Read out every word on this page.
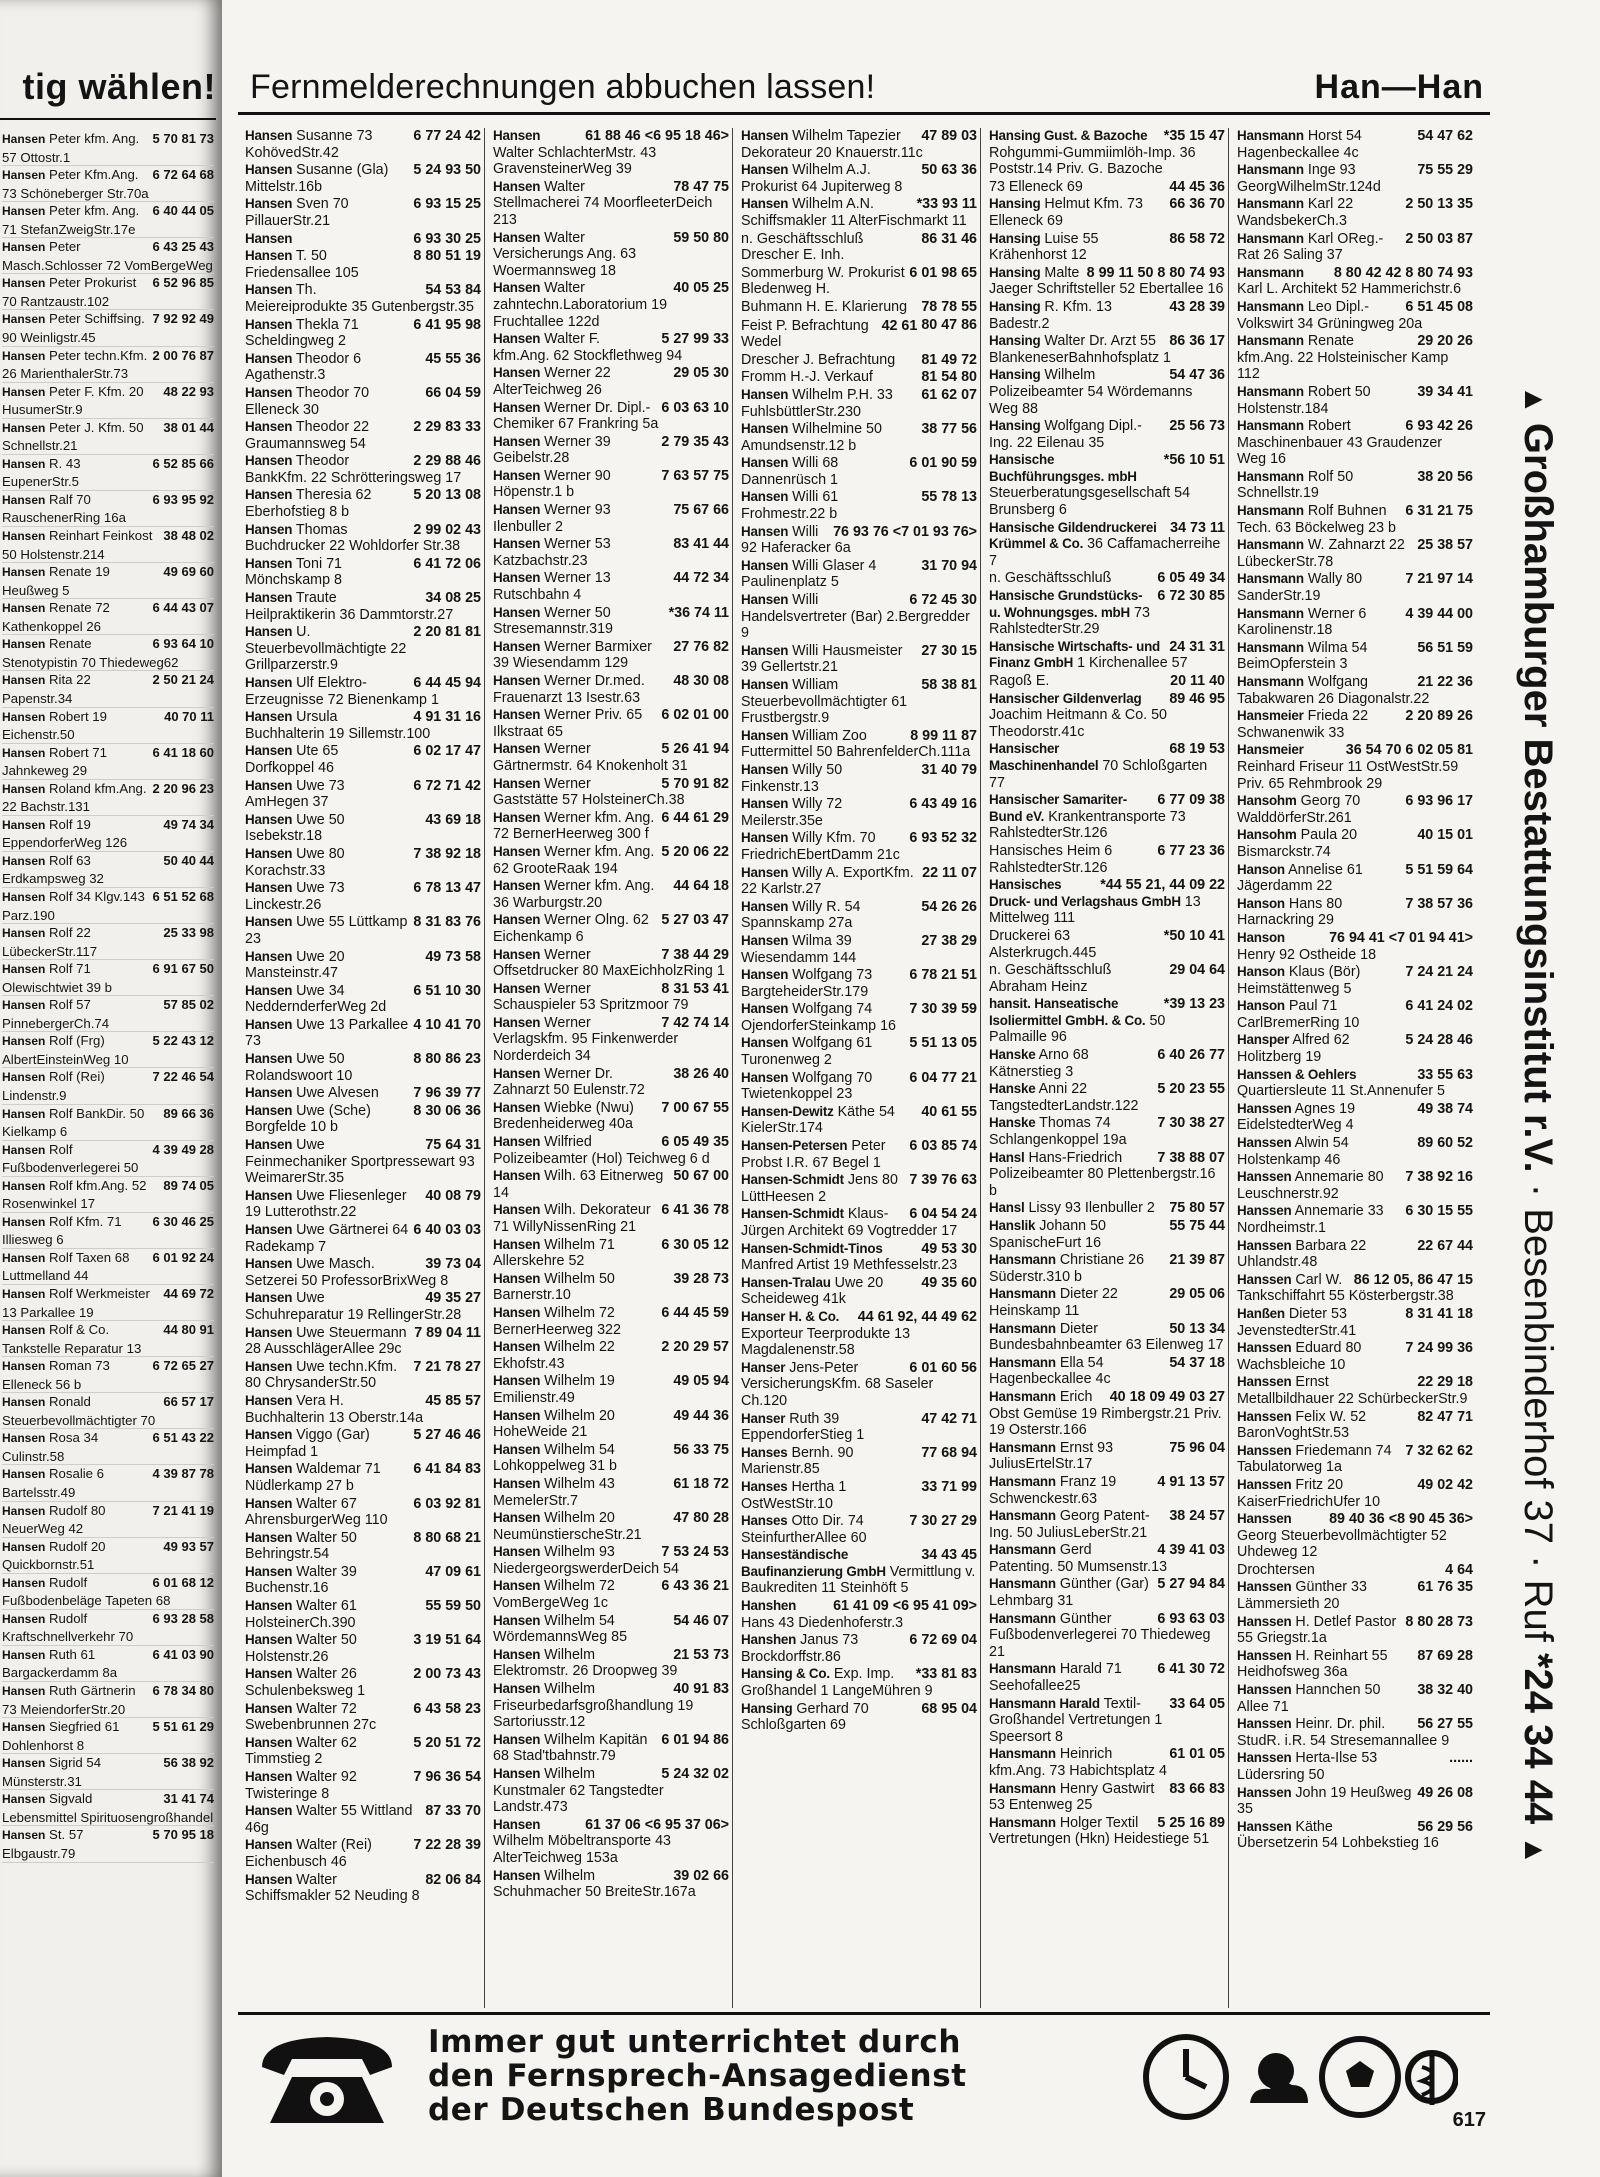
tig wählen!
5 70 81 73
Hansen Peter kfm. Ang. 57 Ottostr.1
6 72 64 68
Hansen Peter Kfm.Ang. 73 Schöneberger Str.70a
6 40 44 05
Hansen Peter kfm. Ang. 71 StefanZweigStr.17e
6 43 25 43
Hansen Peter Masch.Schlosser 72 VomBergeWeg
6 52 96 85
Hansen Peter Prokurist 70 Rantzaustr.102
7 92 92 49
Hansen Peter Schiffsing. 90 Weinligstr.45
2 00 76 87
Hansen Peter techn.Kfm. 26 MarienthalerStr.73
48 22 93
Hansen Peter F. Kfm. 20 HusumerStr.9
38 01 44
Hansen Peter J. Kfm. 50 Schnellstr.21
6 52 85 66
Hansen R. 43 EupenerStr.5
6 93 95 92
Hansen Ralf 70 RauschenerRing 16a
38 48 02
Hansen Reinhart Feinkost 50 Holstenstr.214
49 69 60
Hansen Renate 19 Heußweg 5
6 44 43 07
Hansen Renate 72 Kathenkoppel 26
6 93 64 10
Hansen Renate Stenotypistin 70 Thiedeweg62
2 50 21 24
Hansen Rita 22 Papenstr.34
40 70 11
Hansen Robert 19 Eichenstr.50
6 41 18 60
Hansen Robert 71 Jahnkeweg 29
2 20 96 23
Hansen Roland kfm.Ang. 22 Bachstr.131
49 74 34
Hansen Rolf 19 EppendorferWeg 126
50 40 44
Hansen Rolf 63 Erdkampsweg 32
6 51 52 68
Hansen Rolf 34 Klgv.143 Parz.190
25 33 98
Hansen Rolf 22 LübeckerStr.117
6 91 67 50
Hansen Rolf 71 Olewischtwiet 39 b
57 85 02
Hansen Rolf 57 PinnebergerCh.74
5 22 43 12
Hansen Rolf (Frg) AlbertEinsteinWeg 10
7 22 46 54
Hansen Rolf (Rei) Lindenstr.9
89 66 36
Hansen Rolf BankDir. 50 Kielkamp 6
4 39 49 28
Hansen Rolf Fußbodenverlegerei 50
89 74 05
Hansen Rolf kfm.Ang. 52 Rosenwinkel 17
6 30 46 25
Hansen Rolf Kfm. 71 Illiesweg 6
6 01 92 24
Hansen Rolf Taxen 68 Luttmelland 44
44 69 72
Hansen Rolf Werkmeister 13 Parkallee 19
44 80 91
Hansen Rolf & Co. Tankstelle Reparatur 13
6 72 65 27
Hansen Roman 73 Elleneck 56 b
66 57 17
Hansen Ronald Steuerbevollmächtigter 70
6 51 43 22
Hansen Rosa 34 Culinstr.58
4 39 87 78
Hansen Rosalie 6 Bartelsstr.49
7 21 41 19
Hansen Rudolf 80 NeuerWeg 42
49 93 57
Hansen Rudolf 20 Quickbornstr.51
6 01 68 12
Hansen Rudolf Fußbodenbeläge Tapeten 68
6 93 28 58
Hansen Rudolf Kraftschnellverkehr 70
6 41 03 90
Hansen Ruth 61 Bargackerdamm 8a
6 78 34 80
Hansen Ruth Gärtnerin 73 MeiendorferStr.20
5 51 61 29
Hansen Siegfried 61 Dohlenhorst 8
56 38 92
Hansen Sigrid 54 Münsterstr.31
31 41 74
Hansen Sigvald Lebensmittel Spirituosengroßhandel
5 70 95 18
Hansen St. 57 Elbgaustr.79
Fernmelderechnungen abbuchen lassen!	Han—Han
6 77 24 42
Hansen Susanne 73 KohövedStr.42
5 24 93 50
Hansen Susanne (Gla) Mittelstr.16b
6 93 15 25
Hansen Sven 70 PillauerStr.21
6 93 30 25
Hansen
8 80 51 19
Hansen T. 50 Friedensallee 105
54 53 84
Hansen Th. Meiereiprodukte 35 Gutenbergstr.35
6 41 95 98
Hansen Thekla 71 Scheldingweg 2
45 55 36
Hansen Theodor 6 Agathenstr.3
66 04 59
Hansen Theodor 70 Elleneck 30
2 29 83 33
Hansen Theodor 22 Graumannsweg 54
2 29 88 46
Hansen Theodor BankKfm. 22 Schrötteringsweg 17
5 20 13 08
Hansen Theresia 62 Eberhofstieg 8 b
2 99 02 43
Hansen Thomas Buchdrucker 22 Wohldorfer Str.38
6 41 72 06
Hansen Toni 71 Mönchskamp 8
34 08 25
Hansen Traute Heilpraktikerin 36 Dammtorstr.27
2 20 81 81
Hansen U. Steuerbevollmächtigte 22 Grillparzerstr.9
6 44 45 94
Hansen Ulf Elektro-Erzeugnisse 72 Bienenkamp 1
4 91 31 16
Hansen Ursula Buchhalterin 19 Sillemstr.100
6 02 17 47
Hansen Ute 65 Dorfkoppel 46
6 72 71 42
Hansen Uwe 73 AmHegen 37
43 69 18
Hansen Uwe 50 Isebekstr.18
7 38 92 18
Hansen Uwe 80 Korachstr.33
6 78 13 47
Hansen Uwe 73 Linckestr.26
8 31 83 76
Hansen Uwe 55 Lüttkamp 23
49 73 58
Hansen Uwe 20 Mansteinstr.47
6 51 10 30
Hansen Uwe 34 NeddernderferWeg 2d
4 10 41 70
Hansen Uwe 13 Parkallee 73
8 80 86 23
Hansen Uwe 50 Rolandswoort 10
7 96 39 77
Hansen Uwe Alvesen
8 30 06 36
Hansen Uwe (Sche) Borgfelde 10 b
75 64 31
Hansen Uwe Feinmechaniker Sportpressewart 93 WeimarerStr.35
40 08 79
Hansen Uwe Fliesenleger 19 Lutterothstr.22
6 40 03 03
Hansen Uwe Gärtnerei 64 Radekamp 7
39 73 04
Hansen Uwe Masch. Setzerei 50 ProfessorBrixWeg 8
49 35 27
Hansen Uwe Schuhreparatur 19 RellingerStr.28
7 89 04 11
Hansen Uwe Steuermann 28 AusschlägerAllee 29c
7 21 78 27
Hansen Uwe techn.Kfm. 80 ChrysanderStr.50
45 85 57
Hansen Vera H. Buchhalterin 13 Oberstr.14a
5 27 46 46
Hansen Viggo (Gar) Heimpfad 1
6 41 84 83
Hansen Waldemar 71 Nüdlerkamp 27 b
6 03 92 81
Hansen Walter 67 AhrensburgerWeg 110
8 80 68 21
Hansen Walter 50 Behringstr.54
47 09 61
Hansen Walter 39 Buchenstr.16
55 59 50
Hansen Walter 61 HolsteinerCh.390
3 19 51 64
Hansen Walter 50 Holstenstr.26
2 00 73 43
Hansen Walter 26 Schulenbeksweg 1
6 43 58 23
Hansen Walter 72 Swebenbrunnen 27c
5 20 51 72
Hansen Walter 62 Timmstieg 2
7 96 36 54
Hansen Walter 92 Twisteringe 8
87 33 70
Hansen Walter 55 Wittland 46g
7 22 28 39
Hansen Walter (Rei) Eichenbusch 46
82 06 84
Hansen Walter Schiffsmakler 52 Neuding 8
61 88 46 <6 95 18 46>
Hansen Walter SchlachterMstr. 43 GravensteinerWeg 39
78 47 75
Hansen Walter Stellmacherei 74 MoorfleeterDeich 213
59 50 80
Hansen Walter Versicherungs Ang. 63 Woermannsweg 18
40 05 25
Hansen Walter zahntechn.Laboratorium 19 Fruchtallee 122d
5 27 99 33
Hansen Walter F. kfm.Ang. 62 Stockflethweg 94
29 05 30
Hansen Werner 22 AlterTeichweg 26
6 03 63 10
Hansen Werner Dr. Dipl.-Chemiker 67 Frankring 5a
2 79 35 43
Hansen Werner 39 Geibelstr.28
7 63 57 75
Hansen Werner 90 Höpenstr.1 b
75 67 66
Hansen Werner 93 Ilenbuller 2
83 41 44
Hansen Werner 53 Katzbachstr.23
44 72 34
Hansen Werner 13 Rutschbahn 4
*36 74 11
Hansen Werner 50 Stresemannstr.319
27 76 82
Hansen Werner Barmixer 39 Wiesendamm 129
48 30 08
Hansen Werner Dr.med. Frauenarzt 13 Isestr.63
6 02 01 00
Hansen Werner Priv. 65 Ilkstraat 65
5 26 41 94
Hansen Werner Gärtnermstr. 64 Knokenholt 31
5 70 91 82
Hansen Werner Gaststätte 57 HolsteinerCh.38
6 44 61 29
Hansen Werner kfm. Ang. 72 BernerHeerweg 300 f
5 20 06 22
Hansen Werner kfm. Ang. 62 GrooteRaak 194
44 64 18
Hansen Werner kfm. Ang. 36 Warburgstr.20
5 27 03 47
Hansen Werner Olng. 62 Eichenkamp 6
7 38 44 29
Hansen Werner Offsetdrucker 80 MaxEichholzRing 1
8 31 53 41
Hansen Werner Schauspieler 53 Spritzmoor 79
7 42 74 14
Hansen Werner Verlagskfm. 95 Finkenwerder Norderdeich 34
38 26 40
Hansen Werner Dr. Zahnarzt 50 Eulenstr.72
7 00 67 55
Hansen Wiebke (Nwu) Bredenheiderweg 40a
6 05 49 35
Hansen Wilfried Polizeibeamter (Hol) Teichweg 6 d
50 67 00
Hansen Wilh. 63 Eitnerweg 14
6 41 36 78
Hansen Wilh. Dekorateur 71 WillyNissenRing 21
6 30 05 12
Hansen Wilhelm 71 Allerskehre 52
39 28 73
Hansen Wilhelm 50 Barnerstr.10
6 44 45 59
Hansen Wilhelm 72 BernerHeerweg 322
2 20 29 57
Hansen Wilhelm 22 Ekhofstr.43
49 05 94
Hansen Wilhelm 19 Emilienstr.49
49 44 36
Hansen Wilhelm 20 HoheWeide 21
56 33 75
Hansen Wilhelm 54 Lohkoppelweg 31 b
61 18 72
Hansen Wilhelm 43 MemelerStr.7
47 80 28
Hansen Wilhelm 20 NeumünstierscheStr.21
7 53 24 53
Hansen Wilhelm 93 NiedergeorgswerderDeich 54
6 43 36 21
Hansen Wilhelm 72 VomBergeWeg 1c
54 46 07
Hansen Wilhelm 54 WördemannsWeg 85
21 53 73
Hansen Wilhelm Elektromstr. 26 Droopweg 39
40 91 83
Hansen Wilhelm Friseurbedarfsgroßhandlung 19 Sartoriusstr.12
6 01 94 86
Hansen Wilhelm Kapitän 68 Stad'tbahnstr.79
5 24 32 02
Hansen Wilhelm Kunstmaler 62 Tangstedter Landstr.473
61 37 06 <6 95 37 06>
Hansen Wilhelm Möbeltransporte 43 AlterTeichweg 153a
39 02 66
Hansen Wilhelm Schuhmacher 50 BreiteStr.167a
47 89 03
Hansen Wilhelm Tapezier Dekorateur 20 Knauerstr.11c
50 63 36
Hansen Wilhelm A.J. Prokurist 64 Jupiterweg 8
*33 93 11
Hansen Wilhelm A.N. Schiffsmakler 11 AlterFischmarkt 11
86 31 46
n. Geschäftsschluß Drescher E. Inh.
6 01 98 65
Sommerburg W. Prokurist Bledenweg H.
78 78 55
Buhmann H. E. Klarierung
80 47 86
42 61
Feist P. Befrachtung Wedel
81 49 72
Drescher J. Befrachtung
81 54 80
Fromm H.-J. Verkauf
61 62 07
Hansen Wilhelm P.H. 33 FuhlsbüttlerStr.230
38 77 56
Hansen Wilhelmine 50 Amundsenstr.12 b
6 01 90 59
Hansen Willi 68 Dannenrüsch 1
55 78 13
Hansen Willi 61 Frohmestr.22 b
76 93 76 <7 01 93 76>
Hansen Willi 92 Haferacker 6a
31 70 94
Hansen Willi Glaser 4 Paulinenplatz 5
6 72 45 30
Hansen Willi Handelsvertreter (Bar) 2.Bergredder 9
27 30 15
Hansen Willi Hausmeister 39 Gellertstr.21
58 38 81
Hansen William Steuerbevollmächtigter 61 Frustbergstr.9
8 99 11 87
Hansen William Zoo Futtermittel 50 BahrenfelderCh.111a
31 40 79
Hansen Willy 50 Finkenstr.13
6 43 49 16
Hansen Willy 72 Meilerstr.35e
6 93 52 32
Hansen Willy Kfm. 70 FriedrichEbertDamm 21c
22 11 07
Hansen Willy A. ExportKfm. 22 Karlstr.27
54 26 26
Hansen Willy R. 54 Spannskamp 27a
27 38 29
Hansen Wilma 39 Wiesendamm 144
6 78 21 51
Hansen Wolfgang 73 BargteheiderStr.179
7 30 39 59
Hansen Wolfgang 74 OjendorferSteinkamp 16
5 51 13 05
Hansen Wolfgang 61 Turonenweg 2
6 04 77 21
Hansen Wolfgang 70 Twietenkoppel 23
40 61 55
Hansen-Dewitz Käthe 54 KielerStr.174
6 03 85 74
Hansen-Petersen Peter Probst I.R. 67 Begel 1
7 39 76 63
Hansen-Schmidt Jens 80 LüttHeesen 2
6 04 54 24
Hansen-Schmidt Klaus-Jürgen Architekt 69 Vogtredder 17
49 53 30
Hansen-Schmidt-Tinos Manfred Artist 19 Methfesselstr.23
49 35 60
Hansen-Tralau Uwe 20 Scheideweg 41k
44 61 92, 44 49 62
Hanser H. & Co. Exporteur Teerprodukte 13 Magdalenenstr.58
6 01 60 56
Hanser Jens-Peter VersicherungsKfm. 68 Saseler Ch.120
47 42 71
Hanser Ruth 39 EppendorferStieg 1
77 68 94
Hanses Bernh. 90 Marienstr.85
33 71 99
Hanses Hertha 1 OstWestStr.10
7 30 27 29
Hanses Otto Dir. 74 SteinfurtherAllee 60
34 43 45
Hanseständische Baufinanzierung GmbH Vermittlung v. Baukrediten 11 Steinhöft 5
61 41 09 <6 95 41 09>
Hanshen Hans 43 Diedenhoferstr.3
6 72 69 04
Hanshen Janus 73 Brockdorffstr.86
*33 81 83
Hansing & Co. Exp. Imp. Großhandel 1 LangeMühren 9
68 95 04
Hansing Gerhard 70 Schloßgarten 69
*35 15 47
Hansing Gust. & Bazoche Rohgummi-Gummiimlöh-Imp. 36 Poststr.14 Priv. G. Bazoche
44 45 36
73 Elleneck 69
66 36 70
Hansing Helmut Kfm. 73 Elleneck 69
86 58 72
Hansing Luise 55 Krähenhorst 12
8 99 11 50 8 80 74 93
Hansing Malte Jaeger Schriftsteller 52 Ebertallee 16
43 28 39
Hansing R. Kfm. 13 Badestr.2
86 36 17
Hansing Walter Dr. Arzt 55 BlankeneserBahnhofsplatz 1
54 47 36
Hansing Wilhelm Polizeibeamter 54 Wördemanns Weg 88
25 56 73
Hansing Wolfgang Dipl.-Ing. 22 Eilenau 35
*56 10 51
Hansische Buchführungsges. mbH Steuerberatungsgesellschaft 54 Brunsberg 6
34 73 11
Hansische Gildendruckerei Krümmel & Co. 36 Caffamacherreihe 7
6 05 49 34
n. Geschäftsschluß
6 72 30 85
Hansische Grundstücks-u. Wohnungsges. mbH 73 RahlstedterStr.29
24 31 31
Hansische Wirtschafts- und Finanz GmbH 1 Kirchenallee 57
20 11 40
Ragoß E.
89 46 95
Hansischer Gildenverlag Joachim Heitmann & Co. 50 Theodorstr.41c
68 19 53
Hansischer Maschinenhandel 70 Schloßgarten 77
6 77 09 38
Hansischer Samariter-Bund eV. Krankentransporte 73 RahlstedterStr.126
6 77 23 36
Hansisches Heim 6 RahlstedterStr.126
*44 55 21, 44 09 22
Hansisches Druck- und Verlagshaus GmbH 13 Mittelweg 111
*50 10 41
Druckerei 63 Alsterkrugch.445
29 04 64
n. Geschäftsschluß Abraham Heinz
*39 13 23
hansit. Hanseatische Isoliermittel GmbH. & Co. 50 Palmaille 96
6 40 26 77
Hanske Arno 68 Kätnerstieg 3
5 20 23 55
Hanske Anni 22 TangstedterLandstr.122
7 30 38 27
Hanske Thomas 74 Schlangenkoppel 19a
7 38 88 07
Hansl Hans-Friedrich Polizeibeamter 80 Plettenbergstr.16 b
75 80 57
Hansl Lissy 93 Ilenbuller 2
55 75 44
Hanslik Johann 50 SpanischeFurt 16
21 39 87
Hansmann Christiane 26 Süderstr.310 b
29 05 06
Hansmann Dieter 22 Heinskamp 11
50 13 34
Hansmann Dieter Bundesbahnbeamter 63 Eilenweg 17
54 37 18
Hansmann Ella 54 Hagenbeckallee 4c
40 18 09 49 03 27
Hansmann Erich Obst Gemüse 19 Rimbergstr.21 Priv. 19 Osterstr.166
75 96 04
Hansmann Ernst 93 JuliusErtelStr.17
4 91 13 57
Hansmann Franz 19 Schwenckestr.63
38 24 57
Hansmann Georg Patent-Ing. 50 JuliusLeberStr.21
4 39 41 03
Hansmann Gerd Patenting. 50 Mumsenstr.13
5 27 94 84
Hansmann Günther (Gar) Lehmbarg 31
6 93 63 03
Hansmann Günther Fußbodenverlegerei 70 Thiedeweg 21
6 41 30 72
Hansmann Harald 71 Seehofallee25
33 64 05
Hansmann Harald Textil-Großhandel Vertretungen 1 Speersort 8
61 01 05
Hansmann Heinrich kfm.Ang. 73 Habichtsplatz 4
83 66 83
Hansmann Henry Gastwirt 53 Entenweg 25
5 25 16 89
Hansmann Holger Textil Vertretungen (Hkn) Heidestiege 51
54 47 62
Hansmann Horst 54 Hagenbeckallee 4c
75 55 29
Hansmann Inge 93 GeorgWilhelmStr.124d
2 50 13 35
Hansmann Karl 22 WandsbekerCh.3
2 50 03 87
Hansmann Karl OReg.-Rat 26 Saling 37
8 80 42 42 8 80 74 93
Hansmann Karl L. Architekt 52 Hammerichstr.6
6 51 45 08
Hansmann Leo Dipl.- Volkswirt 34 Grüningweg 20a
29 20 26
Hansmann Renate kfm.Ang. 22 Holsteinischer Kamp 112
39 34 41
Hansmann Robert 50 Holstenstr.184
6 93 42 26
Hansmann Robert Maschinenbauer 43 Graudenzer Weg 16
38 20 56
Hansmann Rolf 50 Schnellstr.19
6 31 21 75
Hansmann Rolf Buhnen Tech. 63 Böckelweg 23 b
25 38 57
Hansmann W. Zahnarzt 22 LübeckerStr.78
7 21 97 14
Hansmann Wally 80 SanderStr.19
4 39 44 00
Hansmann Werner 6 Karolinenstr.18
56 51 59
Hansmann Wilma 54 BeimOpferstein 3
21 22 36
Hansmann Wolfgang Tabakwaren 26 Diagonalstr.22
2 20 89 26
Hansmeier Frieda 22 Schwanenwik 33
36 54 70 6 02 05 81
Hansmeier Reinhard Friseur 11 OstWestStr.59 Priv. 65 Rehmbrook 29
6 93 96 17
Hansohm Georg 70 WalddörferStr.261
40 15 01
Hansohm Paula 20 Bismarckstr.74
5 51 59 64
Hanson Annelise 61 Jägerdamm 22
7 38 57 36
Hanson Hans 80 Harnackring 29
76 94 41 <7 01 94 41>
Hanson Henry 92 Ostheide 18
7 24 21 24
Hanson Klaus (Bör) Heimstättenweg 5
6 41 24 02
Hanson Paul 71 CarlBremerRing 10
5 24 28 46
Hansper Alfred 62 Holitzberg 19
33 55 63
Hanssen & Oehlers Quartiersleute 11 St.Annenufer 5
49 38 74
Hanssen Agnes 19 EidelstedterWeg 4
89 60 52
Hanssen Alwin 54 Holstenkamp 46
7 38 92 16
Hanssen Annemarie 80 Leuschnerstr.92
6 30 15 55
Hanssen Annemarie 33 Nordheimstr.1
22 67 44
Hanssen Barbara 22 Uhlandstr.48
86 12 05, 86 47 15
Hanssen Carl W. Tankschiffahrt 55 Kösterbergstr.38
8 31 41 18
Hanßen Dieter 53 JevenstedterStr.41
7 24 99 36
Hanssen Eduard 80 Wachsbleiche 10
22 29 18
Hanssen Ernst Metallbildhauer 22 SchürbeckerStr.9
82 47 71
Hanssen Felix W. 52 BaronVoghtStr.53
7 32 62 62
Hanssen Friedemann 74 Tabulatorweg 1a
49 02 42
Hanssen Fritz 20 KaiserFriedrichUfer 10
89 40 36 <8 90 45 36>
Hanssen Georg Steuerbevollmächtigter 52 Uhdeweg 12
4 64
Drochtersen
61 76 35
Hanssen Günther 33 Lämmersieth 20
8 80 28 73
Hanssen H. Detlef Pastor 55 Griegstr.1a
87 69 28
Hanssen H. Reinhart 55 Heidhofsweg 36a
38 32 40
Hanssen Hannchen 50 Allee 71
56 27 55
Hanssen Heinr. Dr. phil. StudR. i.R. 54 Stresemannallee 9
......
Hanssen Herta-Ilse 53 Lüdersring 50
49 26 08
Hanssen John 19 Heußweg 35
56 29 56
Hanssen Käthe Übersetzerin 54 Lohbekstieg 16
▲ Großhamburger Bestattungsinstitut r.V. · Besenbinderhof 37 · Ruf *24 34 44 ▲
Immer gut unterrichtet durch
den Fernsprech-Ansagedienst
der Deutschen Bundespost	617
